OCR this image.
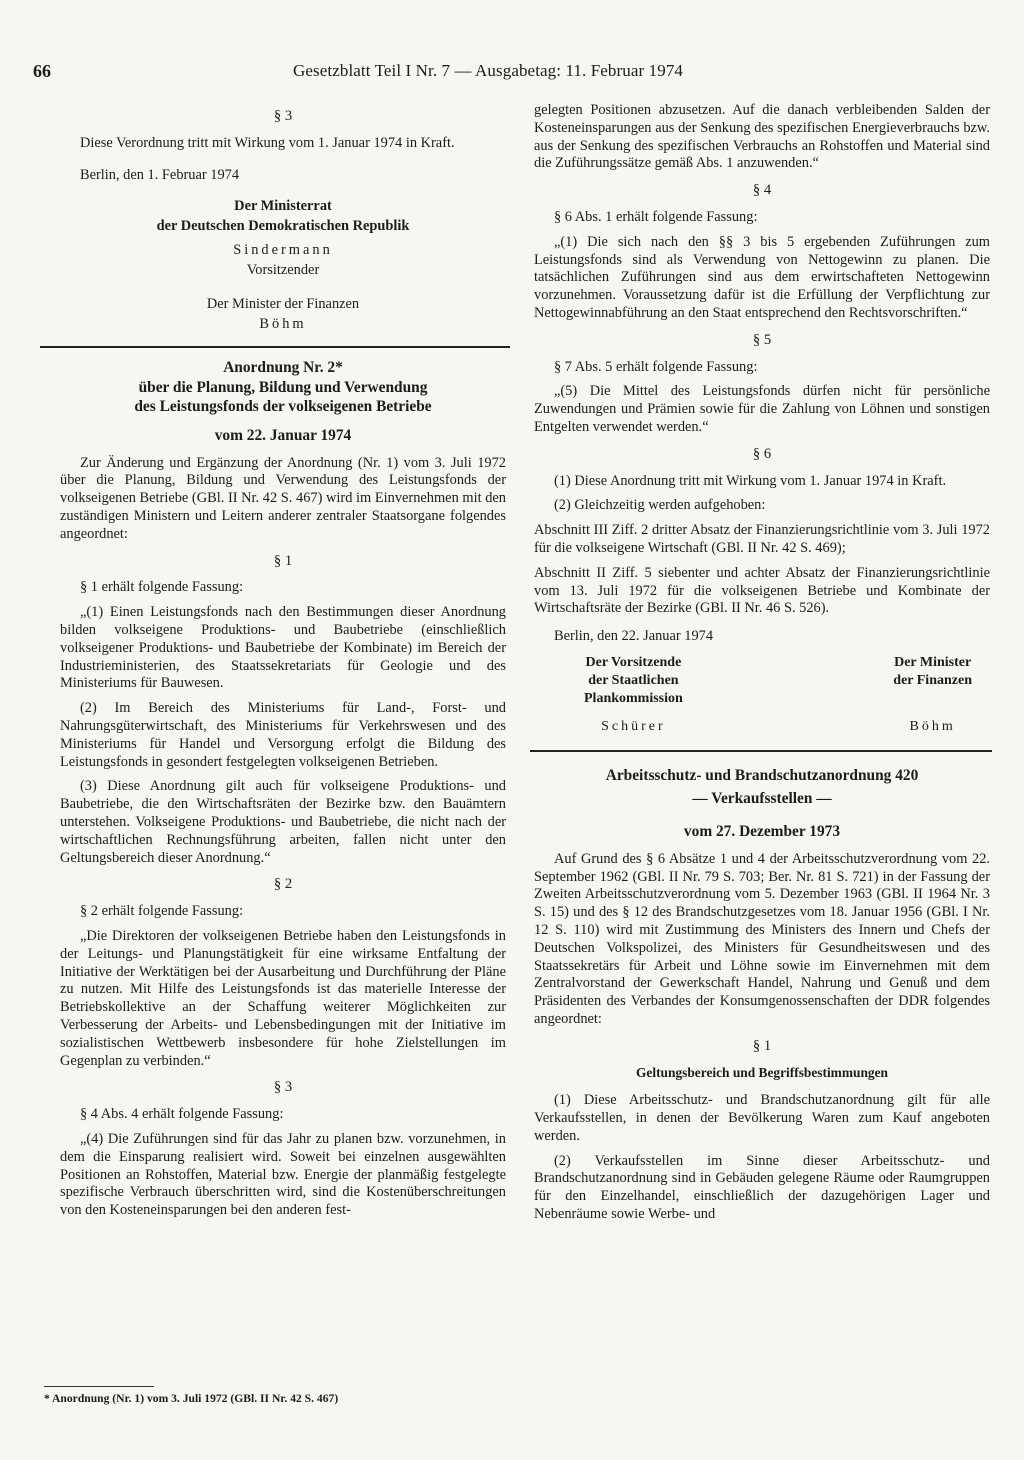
66	Gesetzblatt Teil I Nr. 7 — Ausgabetag: 11. Februar 1974
§ 3

Diese Verordnung tritt mit Wirkung vom 1. Januar 1974 in Kraft.

Berlin, den 1. Februar 1974

Der Ministerrat
der Deutschen Demokratischen Republik
Sindermann
Vorsitzender
Der Minister der Finanzen
Böhm
Anordnung Nr. 2*
über die Planung, Bildung und Verwendung
des Leistungsfonds der volkseigenen Betriebe
vom 22. Januar 1974

Zur Änderung und Ergänzung der Anordnung (Nr. 1) vom 3. Juli 1972 über die Planung, Bildung und Verwendung des Leistungsfonds der volkseigenen Betriebe (GBl. II Nr. 42 S. 467) wird im Einvernehmen mit den zuständigen Ministern und Leitern anderer zentraler Staatsorgane folgendes angeordnet:

§ 1

§ 1 erhält folgende Fassung:

„(1) Einen Leistungsfonds nach den Bestimmungen dieser Anordnung bilden volkseigene Produktions- und Baubetriebe (einschließlich volkseigener Produktions- und Baubetriebe der Kombinate) im Bereich der Industrieministerien, des Staatssekretariats für Geologie und des Ministeriums für Bauwesen.

(2) Im Bereich des Ministeriums für Land-, Forst- und Nahrungsgüterwirtschaft, des Ministeriums für Verkehrswesen und des Ministeriums für Handel und Versorgung erfolgt die Bildung des Leistungsfonds in gesondert festgelegten volkseigenen Betrieben.

(3) Diese Anordnung gilt auch für volkseigene Produktions- und Baubetriebe, die den Wirtschaftsräten der Bezirke bzw. den Bauämtern unterstehen. Volkseigene Produktions- und Baubetriebe, die nicht nach der wirtschaftlichen Rechnungsführung arbeiten, fallen nicht unter den Geltungsbereich dieser Anordnung.“

§ 2

§ 2 erhält folgende Fassung:

„Die Direktoren der volkseigenen Betriebe haben den Leistungsfonds in der Leitungs- und Planungstätigkeit für eine wirksame Entfaltung der Initiative der Werktätigen bei der Ausarbeitung und Durchführung der Pläne zu nutzen. Mit Hilfe des Leistungsfonds ist das materielle Interesse der Betriebskollektive an der Schaffung weiterer Möglichkeiten zur Verbesserung der Arbeits- und Lebensbedingungen mit der Initiative im sozialistischen Wettbewerb insbesondere für hohe Zielstellungen im Gegenplan zu verbinden.“

§ 3

§ 4 Abs. 4 erhält folgende Fassung:

„(4) Die Zuführungen sind für das Jahr zu planen bzw. vorzunehmen, in dem die Einsparung realisiert wird. Soweit bei einzelnen ausgewählten Positionen an Rohstoffen, Material bzw. Energie der planmäßig festgelegte spezifische Verbrauch überschritten wird, sind die Kostenüberschreitungen von den Kosteneinsparungen bei den anderen fest-

* Anordnung (Nr. 1) vom 3. Juli 1972 (GBl. II Nr. 42 S. 467)

gelegten Positionen abzusetzen. Auf die danach verbleibenden Salden der Kosteneinsparungen aus der Senkung des spezifischen Energieverbrauchs bzw. aus der Senkung des spezifischen Verbrauchs an Rohstoffen und Material sind die Zuführungssätze gemäß Abs. 1 anzuwenden.“

§ 4

§ 6 Abs. 1 erhält folgende Fassung:

„(1) Die sich nach den §§ 3 bis 5 ergebenden Zuführungen zum Leistungsfonds sind als Verwendung von Nettogewinn zu planen. Die tatsächlichen Zuführungen sind aus dem erwirtschafteten Nettogewinn vorzunehmen. Voraussetzung dafür ist die Erfüllung der Verpflichtung zur Nettogewinnabführung an den Staat entsprechend den Rechtsvorschriften.“

§ 5

§ 7 Abs. 5 erhält folgende Fassung:

„(5) Die Mittel des Leistungsfonds dürfen nicht für persönliche Zuwendungen und Prämien sowie für die Zahlung von Löhnen und sonstigen Entgelten verwendet werden.“

§ 6

(1) Diese Anordnung tritt mit Wirkung vom 1. Januar 1974 in Kraft.

(2) Gleichzeitig werden aufgehoben:

Abschnitt III Ziff. 2 dritter Absatz der Finanzierungsrichtlinie vom 3. Juli 1972 für die volkseigene Wirtschaft (GBl. II Nr. 42 S. 469);

Abschnitt II Ziff. 5 siebenter und achter Absatz der Finanzierungsrichtlinie vom 13. Juli 1972 für die volkseigenen Betriebe und Kombinate der Wirtschaftsräte der Bezirke (GBl. II Nr. 46 S. 526).

Berlin, den 22. Januar 1974

Der Vorsitzende
der Staatlichen
Plankommission
Schürer
Der Minister
der Finanzen
Böhm
Arbeitsschutz- und Brandschutzanordnung 420
— Verkaufsstellen —
vom 27. Dezember 1973

Auf Grund des § 6 Absätze 1 und 4 der Arbeitsschutzverordnung vom 22. September 1962 (GBl. II Nr. 79 S. 703; Ber. Nr. 81 S. 721) in der Fassung der Zweiten Arbeitsschutzverordnung vom 5. Dezember 1963 (GBl. II 1964 Nr. 3 S. 15) und des § 12 des Brandschutzgesetzes vom 18. Januar 1956 (GBl. I Nr. 12 S. 110) wird mit Zustimmung des Ministers des Innern und Chefs der Deutschen Volkspolizei, des Ministers für Gesundheitswesen und des Staatssekretärs für Arbeit und Löhne sowie im Einvernehmen mit dem Zentralvorstand der Gewerkschaft Handel, Nahrung und Genuß und dem Präsidenten des Verbandes der Konsumgenossenschaften der DDR folgendes angeordnet:

§ 1
Geltungsbereich und Begriffsbestimmungen

(1) Diese Arbeitsschutz- und Brandschutzanordnung gilt für alle Verkaufsstellen, in denen der Bevölkerung Waren zum Kauf angeboten werden.

(2) Verkaufsstellen im Sinne dieser Arbeitsschutz- und Brandschutzanordnung sind in Gebäuden gelegene Räume oder Raumgruppen für den Einzelhandel, einschließlich der dazugehörigen Lager und Nebenräume sowie Werbe- und
